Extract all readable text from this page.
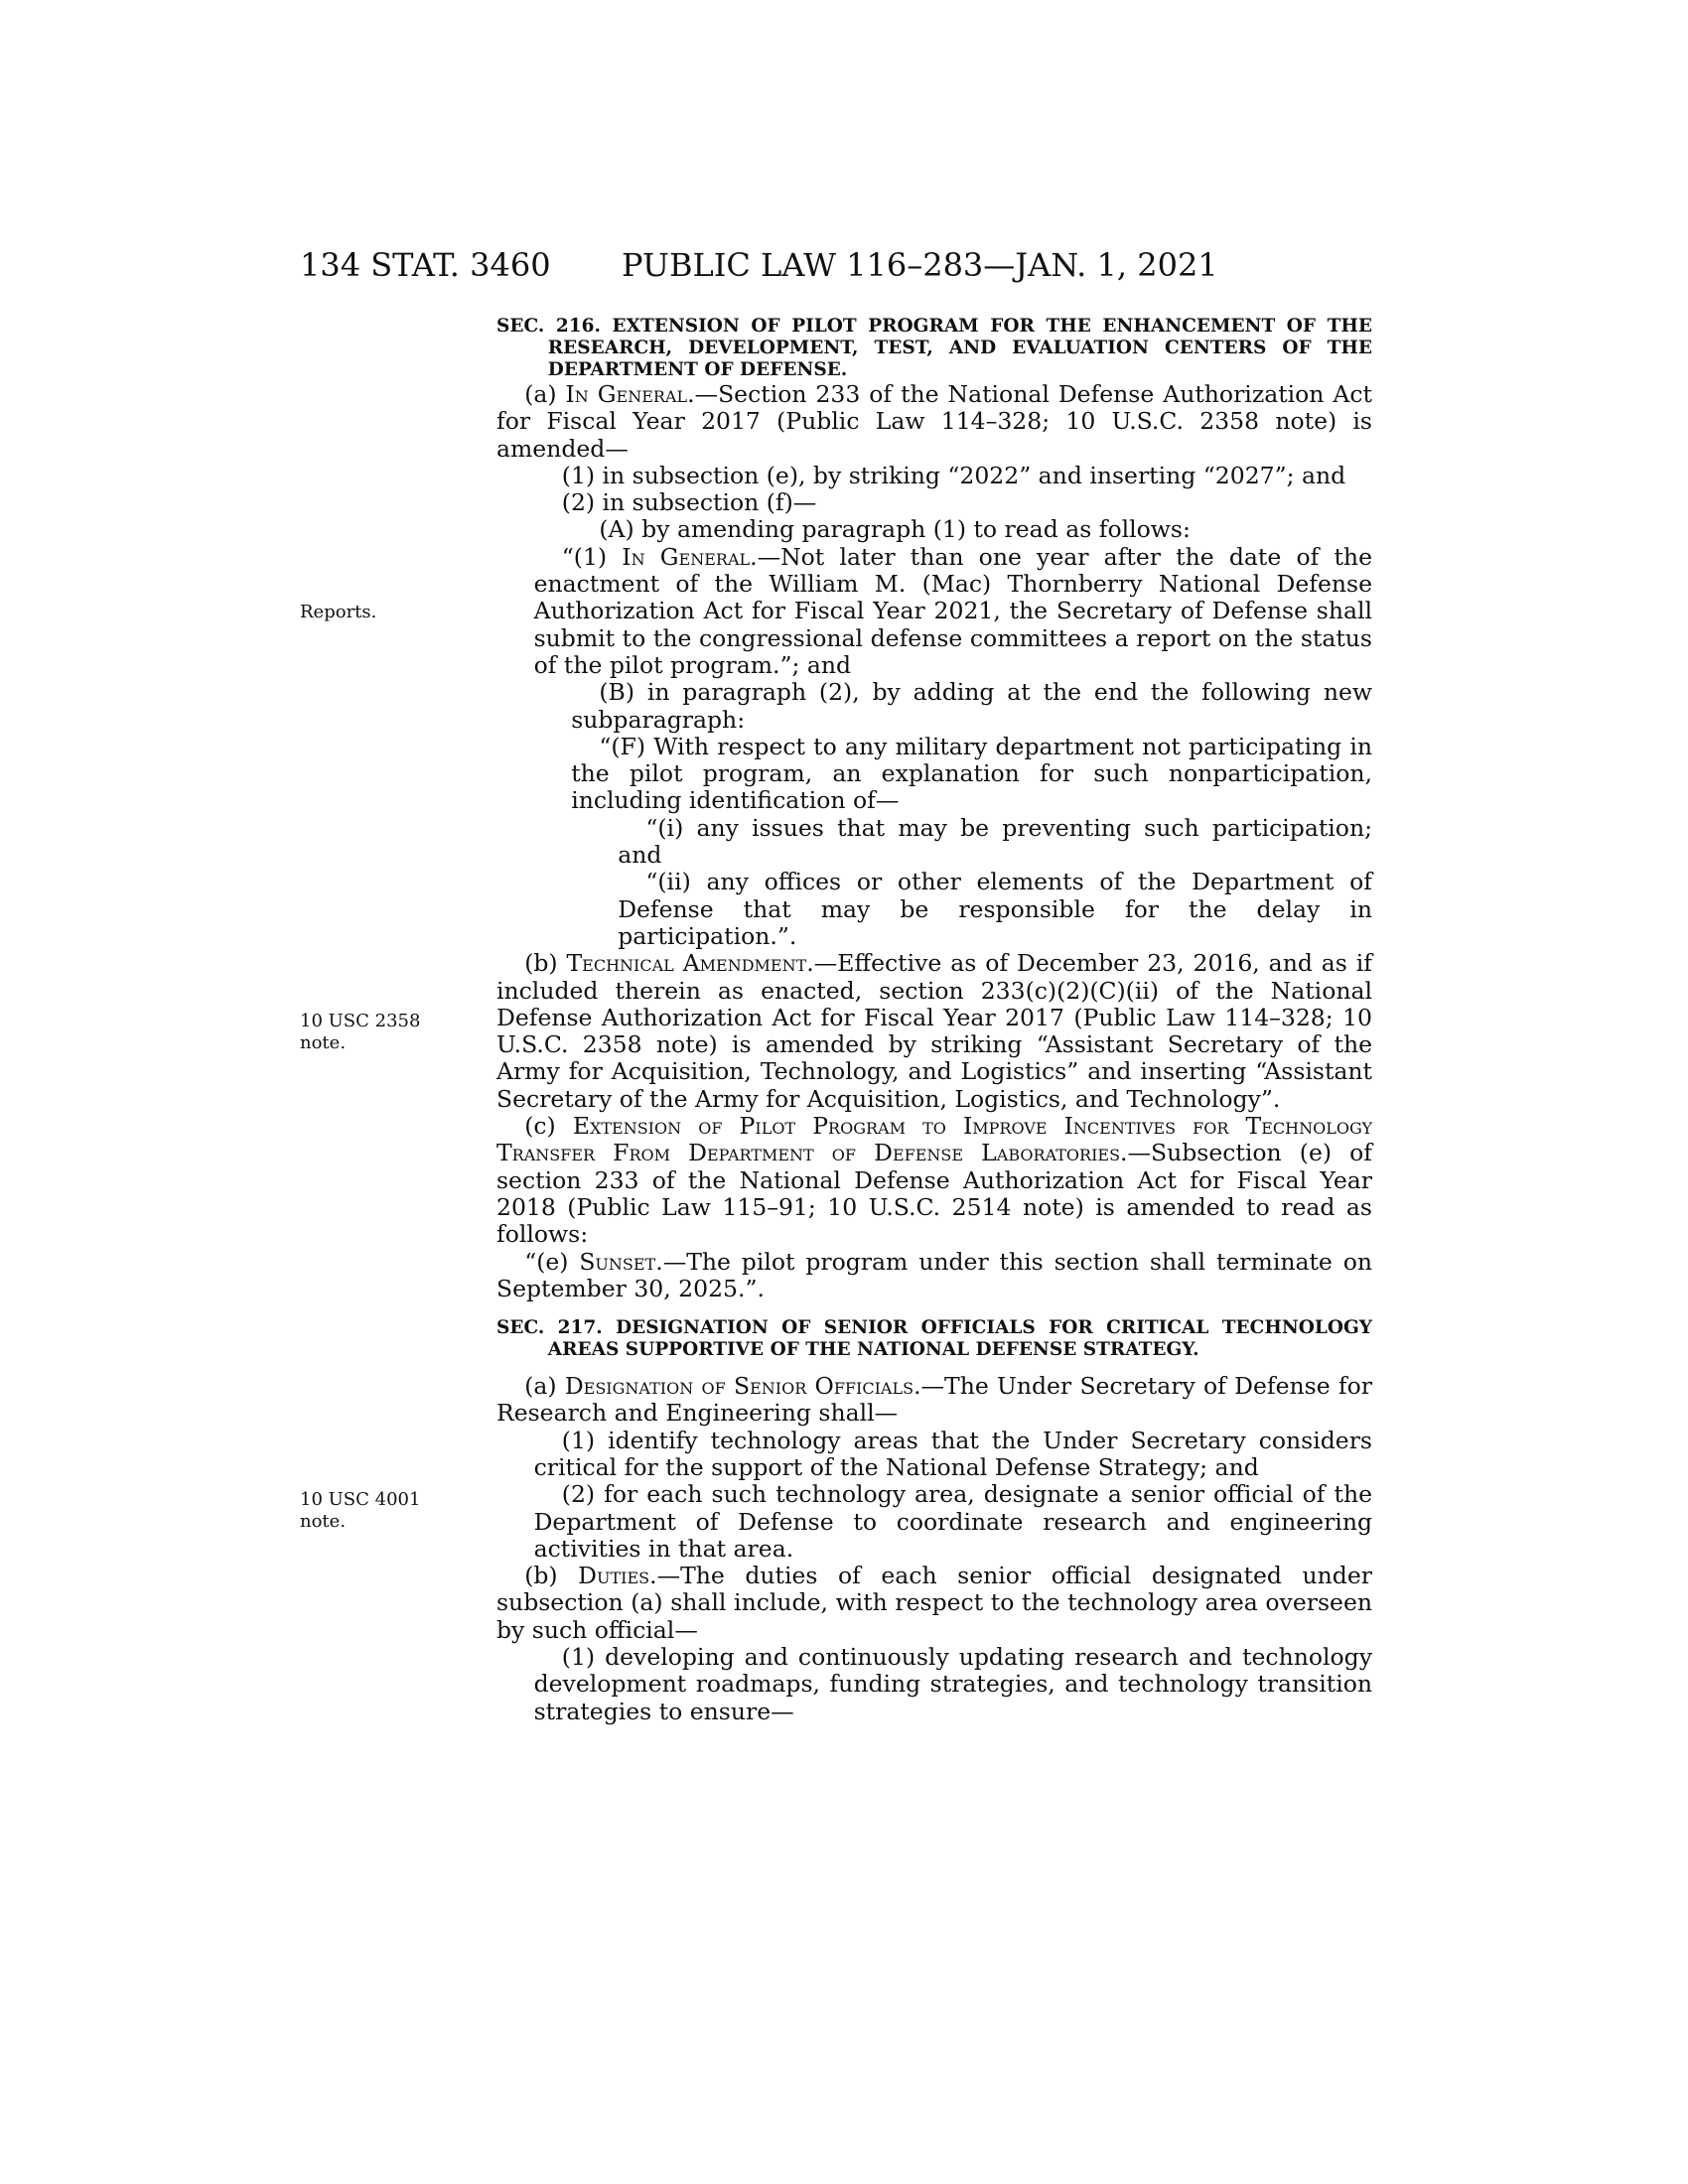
134 STAT. 3460 PUBLIC LAW 116–283—JAN. 1, 2021
Reports.
10 USC 2358
note.
10 USC 4001
note.

SEC. 216. EXTENSION OF PILOT PROGRAM FOR THE ENHANCEMENT OF THE RESEARCH, DEVELOPMENT, TEST, AND EVALUATION CENTERS OF THE DEPARTMENT OF DEFENSE.

(a) In General.—Section 233 of the National Defense Authorization Act for Fiscal Year 2017 (Public Law 114–328; 10 U.S.C. 2358 note) is amended—

(1) in subsection (e), by striking “2022” and inserting “2027”; and

(2) in subsection (f)—

(A) by amending paragraph (1) to read as follows:

“(1) In General.—Not later than one year after the date of the enactment of the William M. (Mac) Thornberry National Defense Authorization Act for Fiscal Year 2021, the Secretary of Defense shall submit to the congressional defense committees a report on the status of the pilot program.”; and

(B) in paragraph (2), by adding at the end the following new subparagraph:

“(F) With respect to any military department not participating in the pilot program, an explanation for such nonparticipation, including identification of—

“(i) any issues that may be preventing such participation; and

“(ii) any offices or other elements of the Department of Defense that may be responsible for the delay in participation.”.

(b) Technical Amendment.—Effective as of December 23, 2016, and as if included therein as enacted, section 233(c)(2)(C)(ii) of the National Defense Authorization Act for Fiscal Year 2017 (Public Law 114–328; 10 U.S.C. 2358 note) is amended by striking “Assistant Secretary of the Army for Acquisition, Technology, and Logistics” and inserting “Assistant Secretary of the Army for Acquisition, Logistics, and Technology”.

(c) Extension of Pilot Program to Improve Incentives for Technology Transfer From Department of Defense Laboratories.—Subsection (e) of section 233 of the National Defense Authorization Act for Fiscal Year 2018 (Public Law 115–91; 10 U.S.C. 2514 note) is amended to read as follows:

“(e) Sunset.—The pilot program under this section shall terminate on September 30, 2025.”.

SEC. 217. DESIGNATION OF SENIOR OFFICIALS FOR CRITICAL TECHNOLOGY AREAS SUPPORTIVE OF THE NATIONAL DEFENSE STRATEGY.

(a) Designation of Senior Officials.—The Under Secretary of Defense for Research and Engineering shall—

(1) identify technology areas that the Under Secretary considers critical for the support of the National Defense Strategy; and

(2) for each such technology area, designate a senior official of the Department of Defense to coordinate research and engineering activities in that area.

(b) Duties.—The duties of each senior official designated under subsection (a) shall include, with respect to the technology area overseen by such official—

(1) developing and continuously updating research and technology development roadmaps, funding strategies, and technology transition strategies to ensure—
